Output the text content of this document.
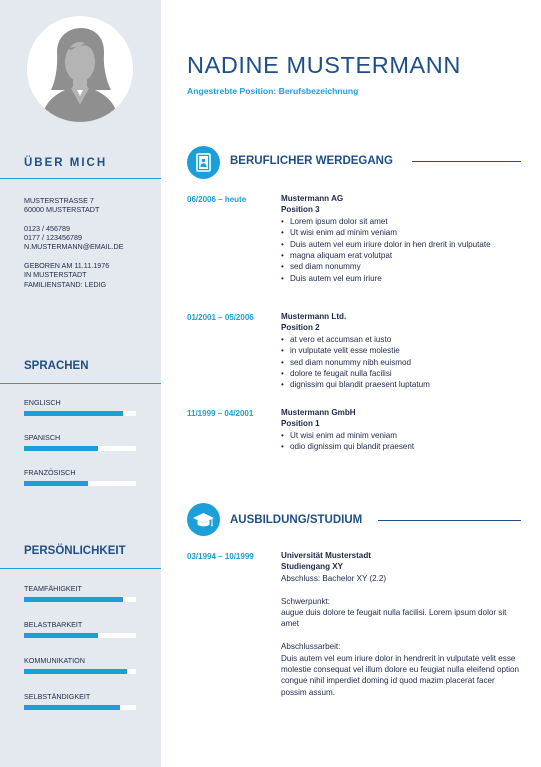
ÜBER MICH
MUSTERSTRASSE 7
60000 MUSTERSTADT
0123 / 456789
0177 / 123456789
N.MUSTERMANN@EMAIL.DE
GEBOREN AM 11.11.1976
IN MUSTERSTADT
FAMILIENSTAND: LEDIG
SPRACHEN
ENGLISCH
SPANISCH
FRANZÖSISCH
PERSÖNLICHKEIT
TEAMFÄHIGKEIT
BELASTBARKEIT
KOMMUNIKATION
SELBSTÄNDIGKEIT
NADINE MUSTERMANN
Angestrebte Position: Berufsbezeichnung
BERUFLICHER WERDEGANG
06/2006 – heute	Mustermann AG
Position 3
• Lorem ipsum dolor sit amet
• Ut wisi enim ad minim veniam
• Duis autem vel eum iriure dolor in hen drerit in vulputate
• magna aliquam erat volutpat
• sed diam nonummy
• Duis autem vel eum iriure
01/2001 – 05/2006	Mustermann Ltd.
Position 2
• at vero et accumsan et iusto
• in vulputate velit esse molestie
• sed diam nonummy nibh euismod
• dolore te feugait nulla facilisi
• dignissim qui blandit praesent luptatum
11/1999 – 04/2001	Mustermann GmbH
Position 1
• Ut wisi enim ad minim veniam
• odio dignissim qui blandit praesent
AUSBILDUNG/STUDIUM
03/1994 – 10/1999	Universität Musterstadt
Studiengang XY
Abschluss: Bachelor XY (2.2)
Schwerpunkt:
augue duis dolore te feugait nulla facilisi. Lorem ipsum dolor sit amet
Abschlussarbeit:
Duis autem vel eum iriure dolor in hendrerit in vulputate velit esse molestie consequat vel illum dolore eu feugiat nulla eleifend option congue nihil imperdiet doming id quod mazim placerat facer possim assum.
